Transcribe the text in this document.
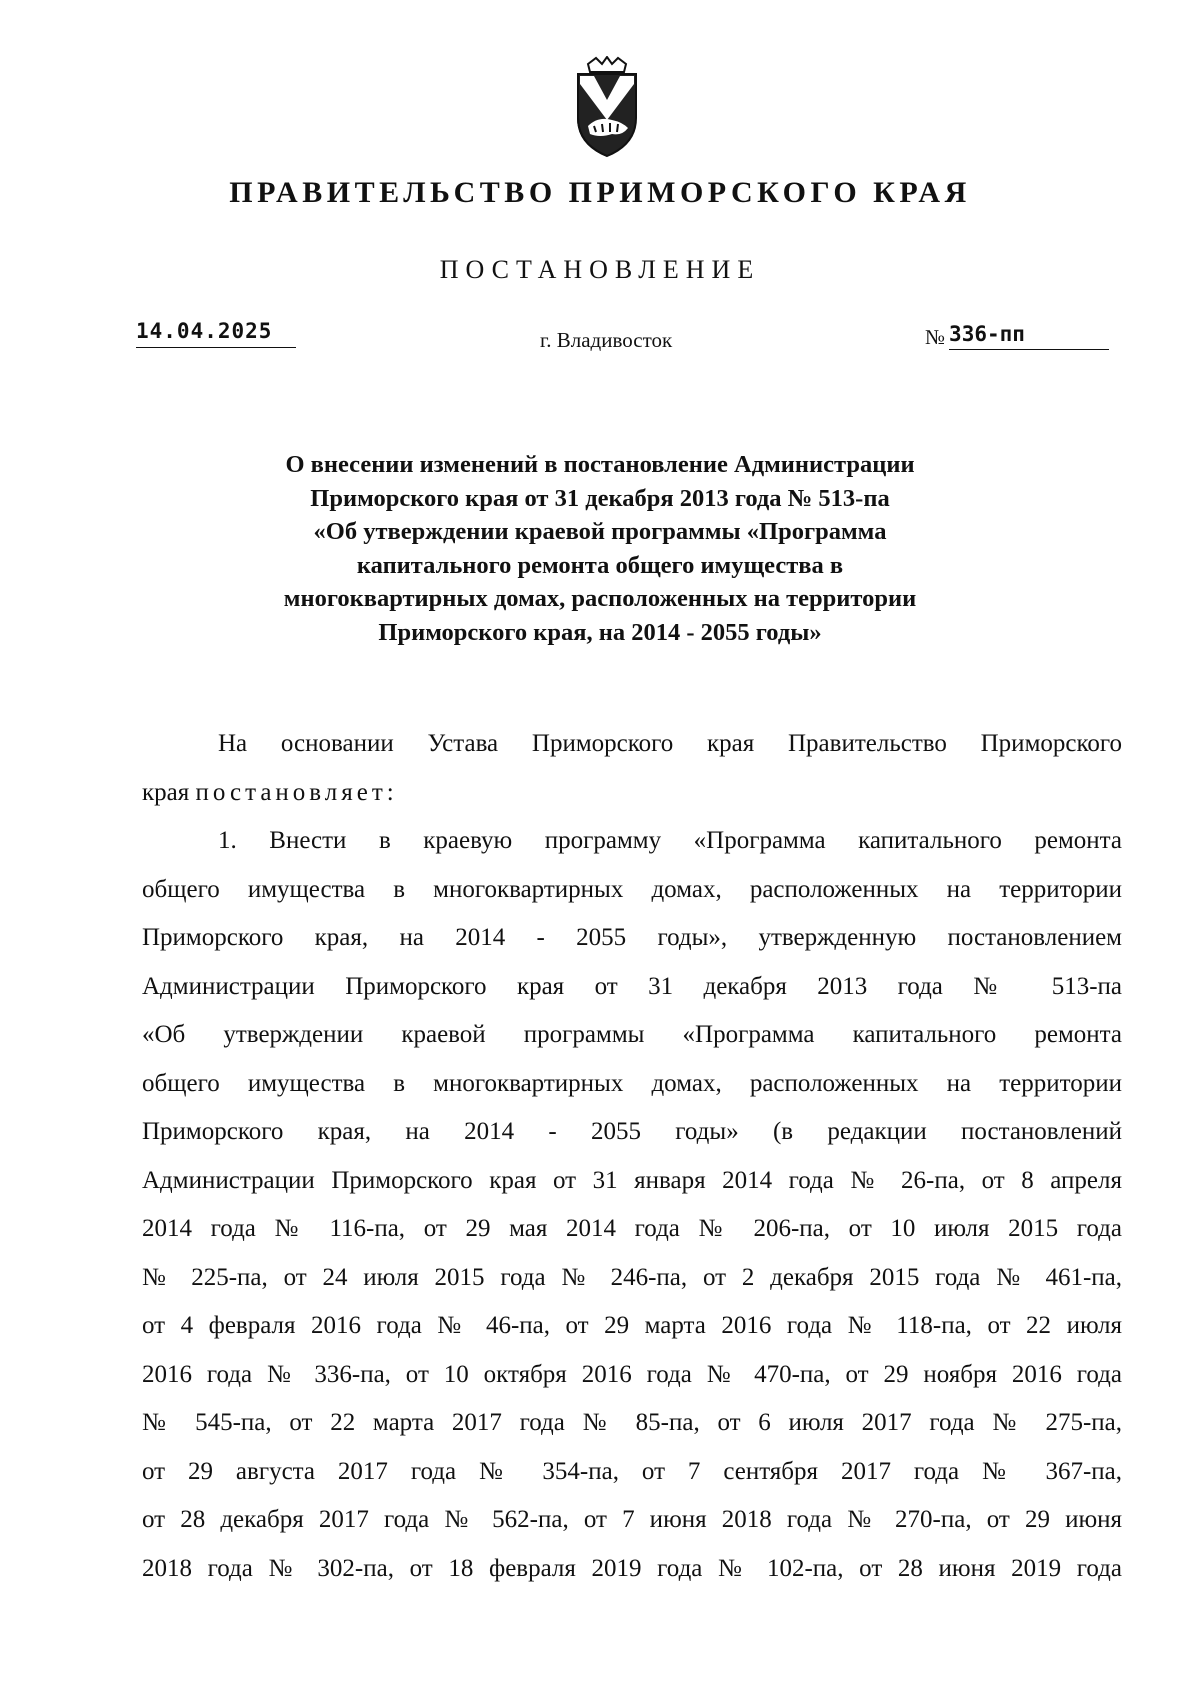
ПРАВИТЕЛЬСТВО ПРИМОРСКОГО КРАЯ
ПОСТАНОВЛЕНИЕ
14.04.2025	г. Владивосток	№ 336-пп
О внесении изменений в постановление Администрации
Приморского края от 31 декабря 2013 года № 513-па
«Об утверждении краевой программы «Программа
капитального ремонта общего имущества в
многоквартирных домах, расположенных на территории
Приморского края, на 2014 - 2055 годы»
На основании Устава Приморского края Правительство Приморского
края постановляет:
1. Внести в краевую программу «Программа капитального ремонта
общего имущества в многоквартирных домах, расположенных на территории
Приморского края, на 2014 - 2055 годы», утвержденную постановлением
Администрации Приморского края от 31 декабря 2013 года № 513-па
«Об утверждении краевой программы «Программа капитального ремонта
общего имущества в многоквартирных домах, расположенных на территории
Приморского края, на 2014 - 2055 годы» (в редакции постановлений
Администрации Приморского края от 31 января 2014 года № 26-па, от 8 апреля
2014 года № 116-па, от 29 мая 2014 года № 206-па, от 10 июля 2015 года
№ 225-па, от 24 июля 2015 года № 246-па, от 2 декабря 2015 года № 461-па,
от 4 февраля 2016 года № 46-па, от 29 марта 2016 года № 118-па, от 22 июля
2016 года № 336-па, от 10 октября 2016 года № 470-па, от 29 ноября 2016 года
№ 545-па, от 22 марта 2017 года № 85-па, от 6 июля 2017 года № 275-па,
от 29 августа 2017 года № 354-па, от 7 сентября 2017 года № 367-па,
от 28 декабря 2017 года № 562-па, от 7 июня 2018 года № 270-па, от 29 июня
2018 года № 302-па, от 18 февраля 2019 года № 102-па, от 28 июня 2019 года
